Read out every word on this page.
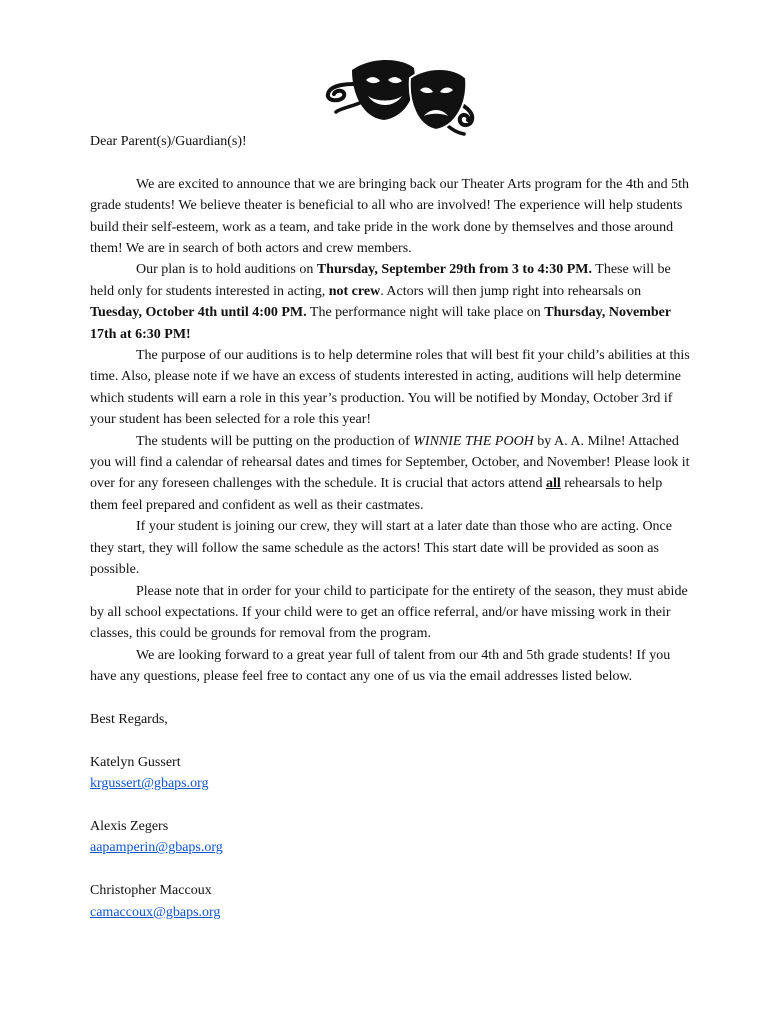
Dear Parent(s)/Guardian(s)!

We are excited to announce that we are bringing back our Theater Arts program for the 4th and 5th grade students! We believe theater is beneficial to all who are involved! The experience will help students build their self-esteem, work as a team, and take pride in the work done by themselves and those around them! We are in search of both actors and crew members.

Our plan is to hold auditions on Thursday, September 29th from 3 to 4:30 PM. These will be held only for students interested in acting, not crew. Actors will then jump right into rehearsals on Tuesday, October 4th until 4:00 PM. The performance night will take place on Thursday, November 17th at 6:30 PM!

The purpose of our auditions is to help determine roles that will best fit your child’s abilities at this time. Also, please note if we have an excess of students interested in acting, auditions will help determine which students will earn a role in this year’s production. You will be notified by Monday, October 3rd if your student has been selected for a role this year!

The students will be putting on the production of WINNIE THE POOH by A. A. Milne! Attached you will find a calendar of rehearsal dates and times for September, October, and November! Please look it over for any foreseen challenges with the schedule. It is crucial that actors attend all rehearsals to help them feel prepared and confident as well as their castmates.

If your student is joining our crew, they will start at a later date than those who are acting. Once they start, they will follow the same schedule as the actors! This start date will be provided as soon as possible.

Please note that in order for your child to participate for the entirety of the season, they must abide by all school expectations. If your child were to get an office referral, and/or have missing work in their classes, this could be grounds for removal from the program.

We are looking forward to a great year full of talent from our 4th and 5th grade students! If you have any questions, please feel free to contact any one of us via the email addresses listed below.

Best Regards,

Katelyn Gussert

krgussert@gbaps.org

Alexis Zegers

aapamperin@gbaps.org

Christopher Maccoux

camaccoux@gbaps.org
